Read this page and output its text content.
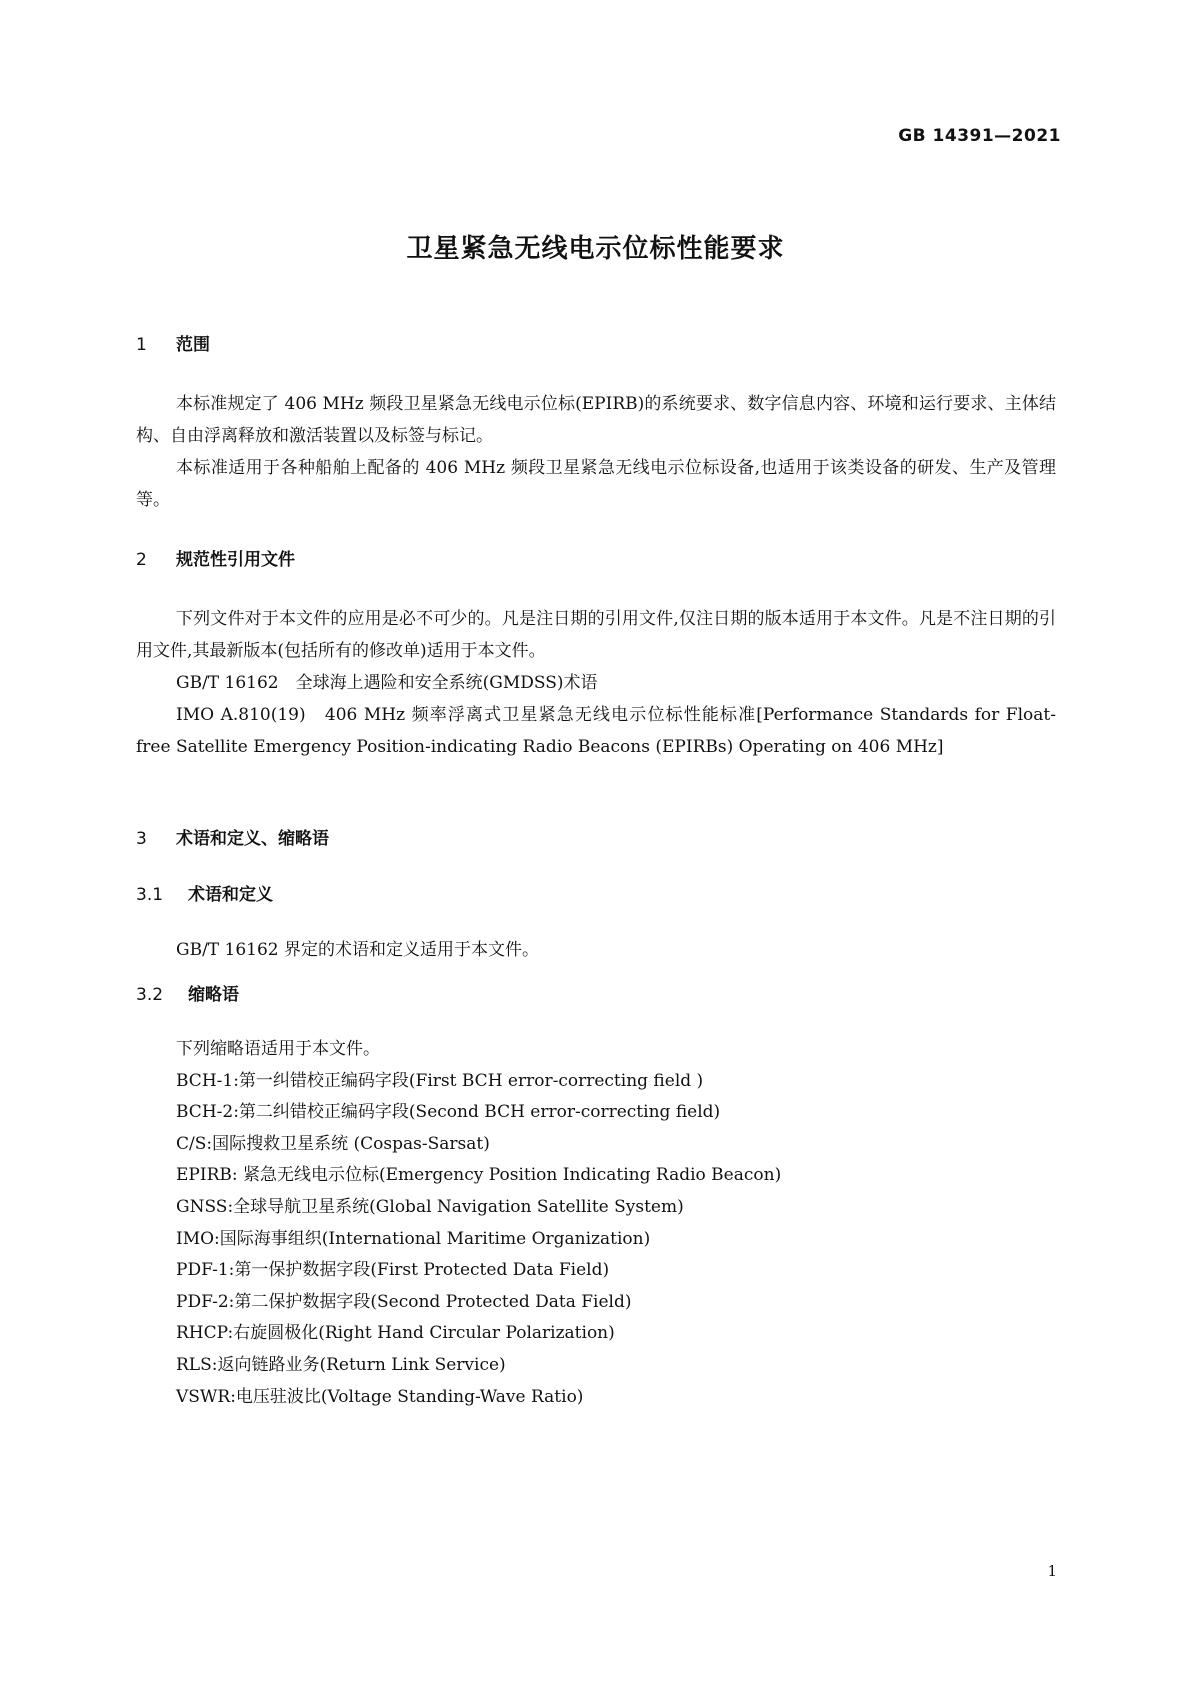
GB 14391—2021
卫星紧急无线电示位标性能要求
1 范围
本标准规定了 406 MHz 频段卫星紧急无线电示位标(EPIRB)的系统要求、数字信息内容、环境和运行要求、主体结构、自由浮离释放和激活装置以及标签与标记。
本标准适用于各种船舶上配备的 406 MHz 频段卫星紧急无线电示位标设备,也适用于该类设备的研发、生产及管理等。
2 规范性引用文件
下列文件对于本文件的应用是必不可少的。凡是注日期的引用文件,仅注日期的版本适用于本文件。凡是不注日期的引用文件,其最新版本(包括所有的修改单)适用于本文件。
GB/T 16162　全球海上遇险和安全系统(GMDSS)术语
IMO A.810(19)　406 MHz 频率浮离式卫星紧急无线电示位标性能标准[Performance Standards for Float-free Satellite Emergency Position-indicating Radio Beacons (EPIRBs) Operating on 406 MHz]
3 术语和定义、缩略语
3.1 术语和定义
GB/T 16162 界定的术语和定义适用于本文件。
3.2 缩略语
下列缩略语适用于本文件。
BCH-1:第一纠错校正编码字段(First BCH error-correcting field )
BCH-2:第二纠错校正编码字段(Second BCH error-correcting field)
C/S:国际搜救卫星系统 (Cospas-Sarsat)
EPIRB: 紧急无线电示位标(Emergency Position Indicating Radio Beacon)
GNSS:全球导航卫星系统(Global Navigation Satellite System)
IMO:国际海事组织(International Maritime Organization)
PDF-1:第一保护数据字段(First Protected Data Field)
PDF-2:第二保护数据字段(Second Protected Data Field)
RHCP:右旋圆极化(Right Hand Circular Polarization)
RLS:返向链路业务(Return Link Service)
VSWR:电压驻波比(Voltage Standing-Wave Ratio)
1
